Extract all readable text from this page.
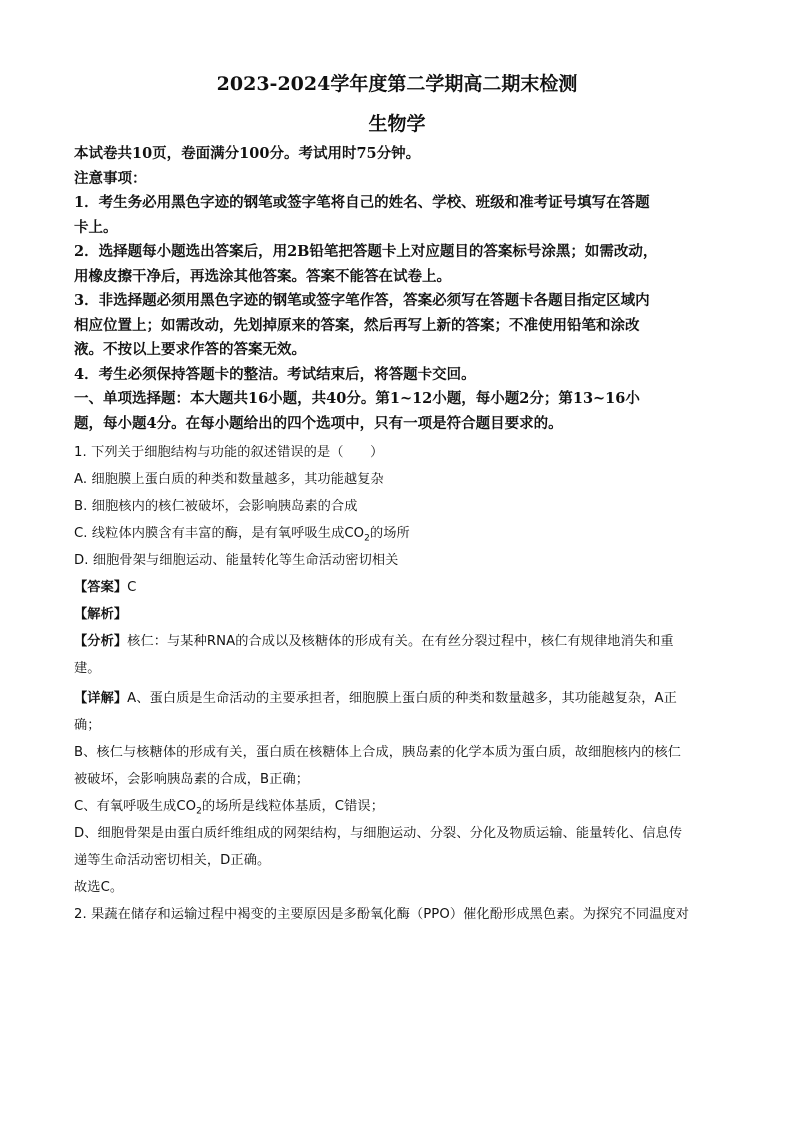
2023-2024学年度第二学期高二期末检测

生物学

本试卷共10页，卷面满分100分。考试用时75分钟。

注意事项：

1．考生务必用黑色字迹的钢笔或签字笔将自己的姓名、学校、班级和准考证号填写在答题

卡上。

2．选择题每小题选出答案后，用2B铅笔把答题卡上对应题目的答案标号涂黑；如需改动，

用橡皮擦干净后，再选涂其他答案。答案不能答在试卷上。

3．非选择题必须用黑色字迹的钢笔或签字笔作答，答案必须写在答题卡各题目指定区域内

相应位置上；如需改动，先划掉原来的答案，然后再写上新的答案；不准使用铅笔和涂改

液。不按以上要求作答的答案无效。

4．考生必须保持答题卡的整洁。考试结束后，将答题卡交回。

一、单项选择题：本大题共16小题，共40分。第1~12小题，每小题2分；第13~16小

题，每小题4分。在每小题给出的四个选项中，只有一项是符合题目要求的。

1. 下列关于细胞结构与功能的叙述错误的是（　　）

A. 细胞膜上蛋白质的种类和数量越多，其功能越复杂

B. 细胞核内的核仁被破坏，会影响胰岛素的合成

C. 线粒体内膜含有丰富的酶，是有氧呼吸生成$CO_2$的场所

D. 细胞骨架与细胞运动、能量转化等生命活动密切相关

【答案】C

【解析】

【分析】核仁：与某种RNA的合成以及核糖体的形成有关。在有丝分裂过程中，核仁有规律地消失和重

建。

【详解】A、蛋白质是生命活动的主要承担者，细胞膜上蛋白质的种类和数量越多，其功能越复杂，A正

确；

B、核仁与核糖体的形成有关，蛋白质在核糖体上合成，胰岛素的化学本质为蛋白质，故细胞核内的核仁

被破坏，会影响胰岛素的合成，B正确；

C、有氧呼吸生成$CO_2$的场所是线粒体基质，C错误；

D、细胞骨架是由蛋白质纤维组成的网架结构，与细胞运动、分裂、分化及物质运输、能量转化、信息传

递等生命活动密切相关，D正确。

故选C。

2. 果蔬在储存和运输过程中褐变的主要原因是多酚氧化酶（PPO）催化酚形成黑色素。为探究不同温度对
